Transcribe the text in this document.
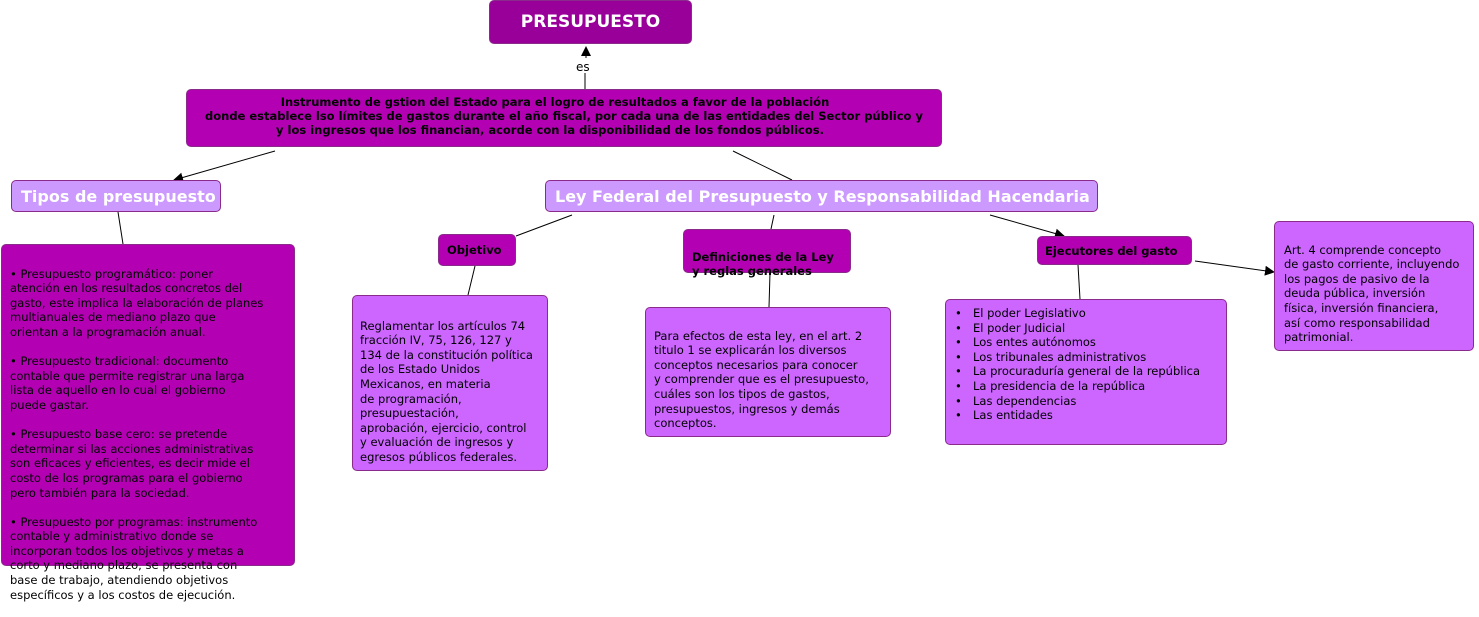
es
PRESUPUESTO
Instrumento de gstion del Estado para el logro de resultados a favor de la población
donde establece lso límites de gastos durante el año fiscal, por cada una de las entidades del Sector público y
y los ingresos que los financian, acorde con la disponibilidad de los fondos públicos.
Tipos de presupuesto

• Presupuesto programático: poner
atención en los resultados concretos del
gasto, este implica la elaboración de planes
multianuales de mediano plazo que
orientan a la programación anual.

• Presupuesto tradicional: documento
contable que permite registrar una larga
lista de aquello en lo cual el gobierno
puede gastar.

• Presupuesto base cero: se pretende
determinar si las acciones administrativas
son eficaces y eficientes, es decir mide el
costo de los programas para el gobierno
pero también para la sociedad.

• Presupuesto por programas: instrumento
contable y administrativo donde se
incorporan todos los objetivos y metas a
corto y mediano plazo, se presenta con
base de trabajo, atendiendo objetivos
específicos y a los costos de ejecución.

Ley Federal del Presupuesto y Responsabilidad Hacendaria
Objetivo

Reglamentar los artículos 74
fracción IV, 75, 126, 127 y
134 de la constitución política
de los Estado Unidos
Mexicanos, en materia
de programación,
presupuestación,
aprobación, ejercicio, control
y evaluación de ingresos y
egresos públicos federales.

Definiciones de la Ley
y reglas generales

Para efectos de esta ley, en el art. 2
titulo 1 se explicarán los diversos
conceptos necesarios para conocer
y comprender que es el presupuesto,
cuáles son los tipos de gastos,
presupuestos, ingresos y demás
conceptos.

Ejecutores del gasto
• El poder Legislativo
• El poder Judicial
• Los entes autónomos
• Los tribunales administrativos
• La procuraduría general de la república
• La presidencia de la república
• Las dependencias
• Las entidades

Art. 4 comprende concepto
de gasto corriente, incluyendo
los pagos de pasivo de la
deuda pública, inversión
física, inversión financiera,
así como responsabilidad
patrimonial.
